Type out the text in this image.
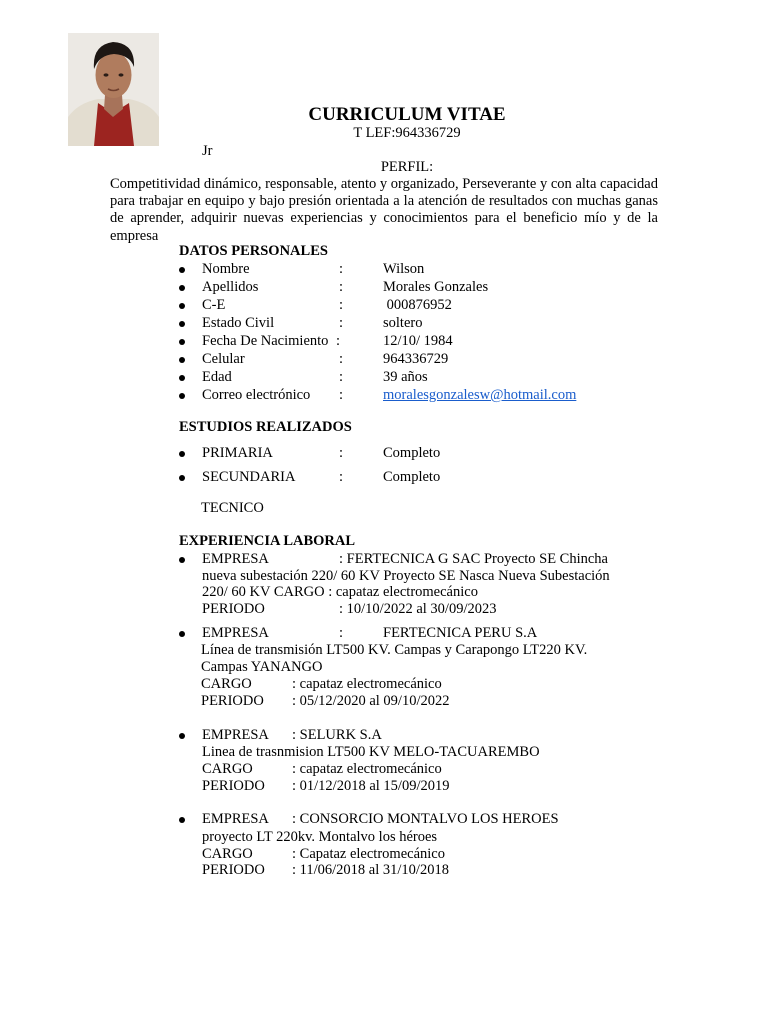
CURRICULUM VITAE
T LEF:964336729
Jr
PERFIL:
Competitividad dinámico, responsable, atento y organizado, Perseverante y con alta capacidad para trabajar en equipo y bajo presión orientada a la atención de resultados con muchas ganas de aprender, adquirir nuevas experiencias y conocimientos para el beneficio mío y de la empresa
DATOS PERSONALES
Nombre	:	Wilson
Apellidos	:	Morales Gonzales
C-E	:	000876952
Estado Civil	:	soltero
Fecha De Nacimiento :	12/10/ 1984
Celular	:	964336729
Edad	:	39 años
Correo electrónico :	moralesgonzalesw@hotmail.com
ESTUDIOS REALIZADOS
PRIMARIA	:	Completo
SECUNDARIA	:	Completo
TECNICO
EXPERIENCIA LABORAL
EMPRESA	: FERTECNICA G SAC Proyecto SE Chincha
nueva subestación 220/ 60 KV Proyecto SE Nasca Nueva Subestación
220/ 60 KV CARGO : capataz electromecánico
PERIODO	: 10/10/2022 al 30/09/2023
EMPRESA	:	FERTECNICA PERU S.A
Línea de transmisión LT500 KV. Campas y Carapongo LT220 KV.
Campas YANANGO
CARGO	: capataz electromecánico
PERIODO : 05/12/2020 al 09/10/2022
EMPRESA : SELURK S.A
Linea de trasnmision LT500 KV MELO-TACUAREMBO
CARGO	: capataz electromecánico
PERIODO : 01/12/2018 al 15/09/2019
EMPRESA : CONSORCIO MONTALVO LOS HEROES
proyecto LT 220kv. Montalvo los héroes
CARGO	: Capataz electromecánico
PERIODO : 11/06/2018 al 31/10/2018
